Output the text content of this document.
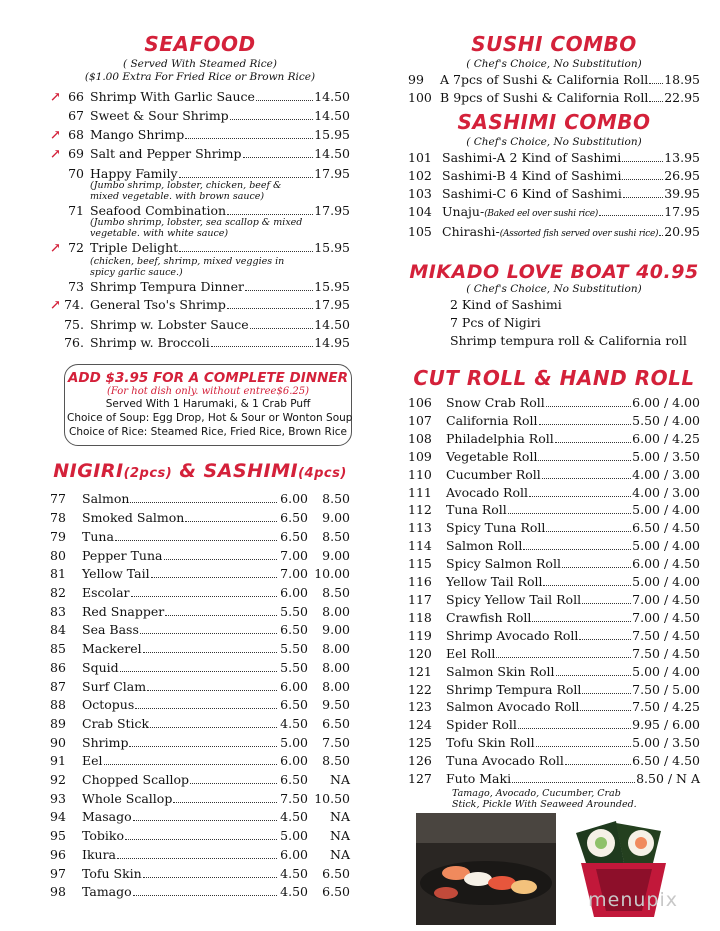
SEAFOOD
( Served With Steamed Rice)
($1.00 Extra For Fried Rice or Brown Rice)
↗ 66 Shrimp With Garlic Sauce	14.50
67 Sweet & Sour Shrimp	14.50
↗ 68 Mango Shrimp	15.95
↗ 69 Salt and Pepper Shrimp	14.50
70 Happy Family	17.95
(Jumbo shrimp, lobster, chicken, beef & mixed vegetable. with brown sauce)
71 Seafood Combination	17.95
(Jumbo shrimp, lobster, sea scallop & mixed vegetable. with white sauce)
↗ 72 Triple Delight	15.95
(chicken, beef, shrimp, mixed veggies in spicy garlic sauce.)
73 Shrimp Tempura Dinner	15.95
↗ 74. General Tso's Shrimp	17.95
75. Shrimp w. Lobster Sauce	14.50
76. Shrimp w. Broccoli	14.95
ADD $3.95 FOR A COMPLETE DINNER
(For hot dish only. without entree$6.25)
Served With 1 Harumaki, & 1 Crab Puff
Choice of Soup: Egg Drop, Hot & Sour or Wonton Soup
Choice of Rice: Steamed Rice, Fried Rice, Brown Rice
NIGIRI(2pcs) & SASHIMI(4pcs)
77 Salmon	6.00	8.50
78 Smoked Salmon	6.50	9.00
79 Tuna	6.50	8.50
80 Pepper Tuna	7.00	9.00
81 Yellow Tail	7.00 10.00
82 Escolar	6.00	8.50
83 Red Snapper	5.50	8.00
84 Sea Bass	6.50	9.00
85 Mackerel	5.50	8.00
86 Squid	5.50	8.00
87 Surf Clam	6.00	8.00
88 Octopus	6.50	9.50
89 Crab Stick	4.50	6.50
90 Shrimp	5.00	7.50
91 Eel	6.00	8.50
92 Chopped Scallop	6.50	NA
93 Whole Scallop	7.50 10.50
94 Masago	4.50	NA
95 Tobiko	5.00	NA
96 Ikura	6.00	NA
97 Tofu Skin	4.50	6.50
98 Tamago	4.50	6.50
SUSHI COMBO
( Chef's Choice, No Substitution)
99	A 7pcs of Sushi & California Roll 18.95
100 B 9pcs of Sushi & California Roll 22.95
SASHIMI COMBO
( Chef's Choice, No Substitution)
101 Sashimi-A 2 Kind of Sashimi	13.95
102 Sashimi-B 4 Kind of Sashimi	26.95
103 Sashimi-C 6 Kind of Sashimi	39.95
104 Unaju- (Baked eel over sushi rice)	17.95
105 Chirashi- (Assorted fish served over sushi rice) 20.95
MIKADO LOVE BOAT 40.95
( Chef's Choice, No Substitution)
2 Kind of Sashimi
7 Pcs of Nigiri
Shrimp tempura roll & California roll
CUT ROLL & HAND ROLL
106 Snow Crab Roll	6.00 / 4.00
107 California Roll	5.50 / 4.00
108 Philadelphia Roll	6.00 / 4.25
109 Vegetable Roll	5.00 / 3.50
110 Cucumber Roll	4.00 / 3.00
111 Avocado Roll	4.00 / 3.00
112 Tuna Roll	5.00 / 4.00
113 Spicy Tuna Roll	6.50 / 4.50
114 Salmon Roll	5.00 / 4.00
115 Spicy Salmon Roll	6.00 / 4.50
116 Yellow Tail Roll	5.00 / 4.00
117 Spicy Yellow Tail Roll	7.00 / 4.50
118 Crawfish Roll	7.00 / 4.50
119 Shrimp Avocado Roll	7.50 / 4.50
120 Eel Roll	7.50 / 4.50
121 Salmon Skin Roll	5.00 / 4.00
122 Shrimp Tempura Roll	7.50 / 5.00
123 Salmon Avocado Roll	7.50 / 4.25
124 Spider Roll	9.95 / 6.00
125 Tofu Skin Roll	5.00 / 3.50
126 Tuna Avocado Roll	6.50 / 4.50
127 Futo Maki	8.50 / N A
Tamago, Avocado, Cucumber, Crab Stick, Pickle With Seaweed Arounded.
menupix
